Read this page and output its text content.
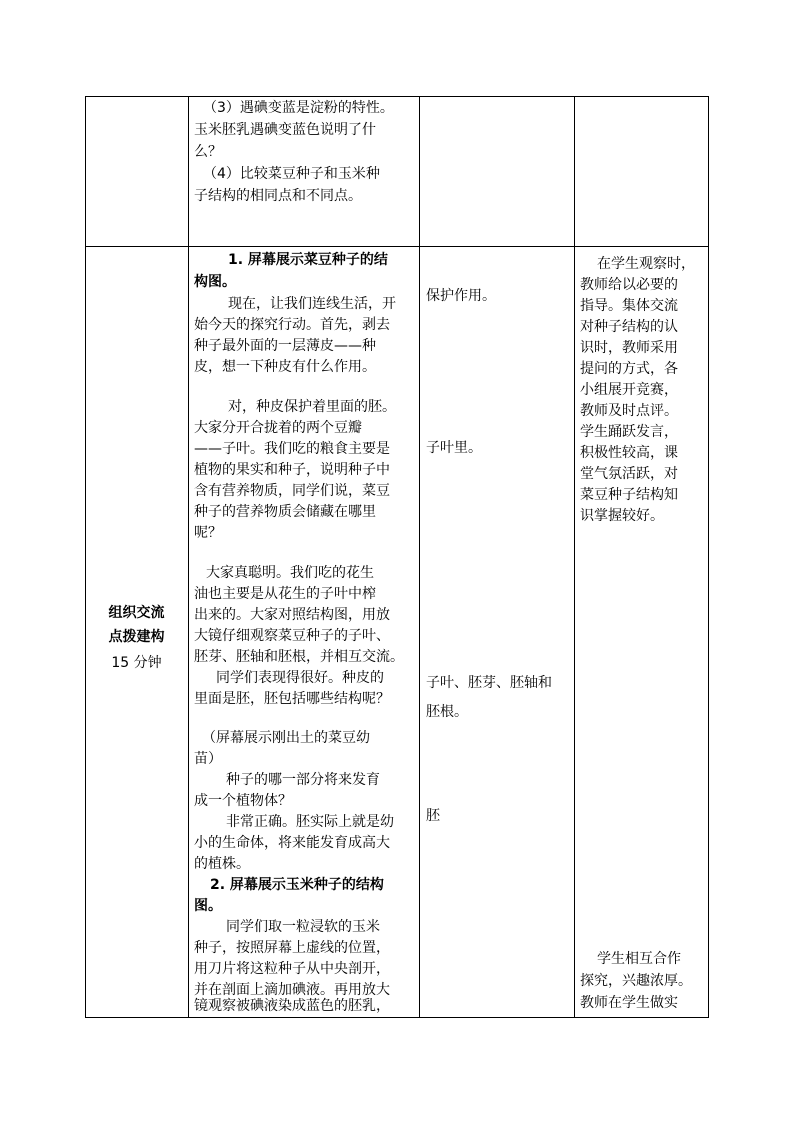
（3）遇碘变蓝是淀粉的特性。

玉米胚乳遇碘变蓝色说明了什

么？

（4）比较菜豆种子和玉米种

子结构的相同点和不同点。

组织交流

点拨建构

15 分钟

1. 屏幕展示菜豆种子的结

构图。

现在，让我们连线生活，开

始今天的探究行动。首先，剥去

种子最外面的一层薄皮——种

皮，想一下种皮有什么作用。

对，种皮保护着里面的胚。

大家分开合拢着的两个豆瓣

——子叶。我们吃的粮食主要是

植物的果实和种子，说明种子中

含有营养物质，同学们说，菜豆

种子的营养物质会储藏在哪里

呢？

大家真聪明。我们吃的花生

油也主要是从花生的子叶中榨

出来的。大家对照结构图，用放

大镜仔细观察菜豆种子的子叶、

胚芽、胚轴和胚根，并相互交流。

同学们表现得很好。种皮的

里面是胚，胚包括哪些结构呢？

（屏幕展示刚出土的菜豆幼

苗）

种子的哪一部分将来发育

成一个植物体？

非常正确。胚实际上就是幼

小的生命体，将来能发育成高大

的植株。

2. 屏幕展示玉米种子的结构

图。

同学们取一粒浸软的玉米

种子，按照屏幕上虚线的位置，

用刀片将这粒种子从中央剖开，

并在剖面上滴加碘液。再用放大

镜观察被碘液染成蓝色的胚乳，

保护作用。

子叶里。

子叶、胚芽、胚轴和

胚根。

胚

在学生观察时，

教师给以必要的

指导。集体交流

对种子结构的认

识时，教师采用

提问的方式，各

小组展开竞赛，

教师及时点评。

学生踊跃发言，

积极性较高，课

堂气氛活跃，对

菜豆种子结构知

识掌握较好。

学生相互合作

探究，兴趣浓厚。

教师在学生做实
